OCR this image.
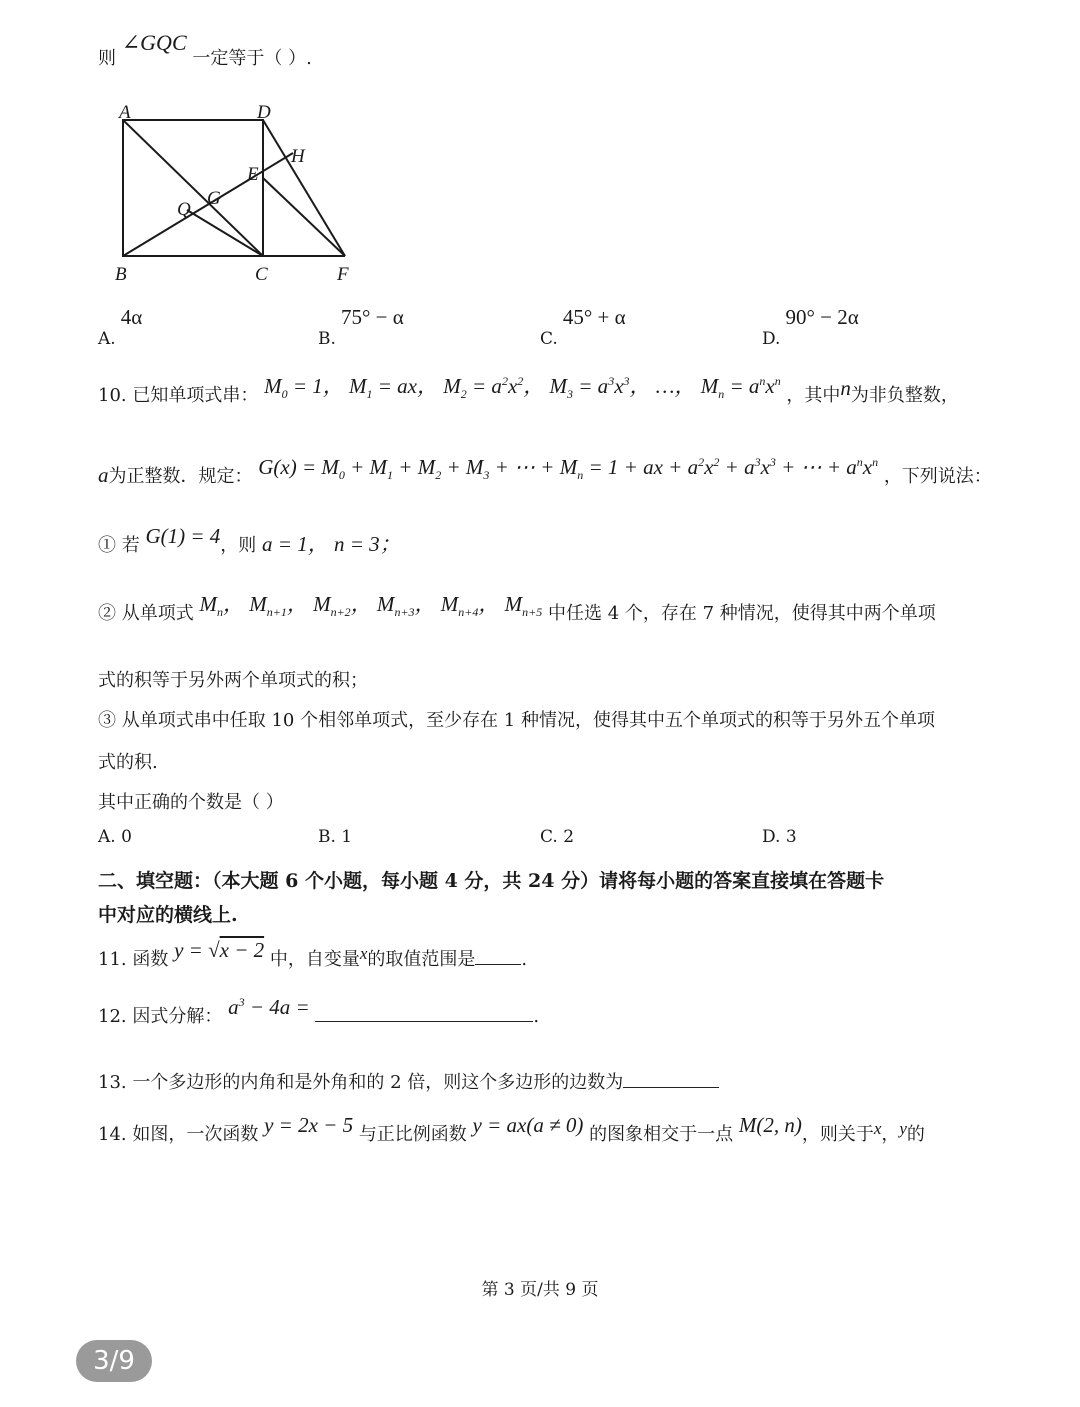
则 ∠GQC 一定等于（ ）.
A	D
H
E
G
Q
B	C	F
A. 4α
B. 75° − α
C. 45° + α
D. 90° − 2α
10. 已知单项式串： $M_0 = 1$， $M_1$ = ax， $M_2 = a^2x^2$， $M_3 = a^3x^3$， …， $M_n = a^nx^n$ ，其中n为非负整数，
a为正整数．规定： $G(x) = M_0 + M_1 + M_2 + M_3$ + ⋯ + $M_n = 1$ + ax + $a^2x^2 + a^3x^3$ + ⋯ + $a^nx^n$ ，下列说法：
① 若 G(1) = 4，则 a = 1， n = 3；
② 从单项式 $M_n$， $M_{n+1}$， $M_{n+2}$， $M_{n+3}$， $M_{n+4}$， $M_{n+5}$ 中任选 4 个，存在 7 种情况，使得其中两个单项
式的积等于另外两个单项式的积；
③ 从单项式串中任取 10 个相邻单项式，至少存在 1 种情况，使得其中五个单项式的积等于另外五个单项
式的积.
其中正确的个数是（ ）
A. 0	B. 1	C. 2	D. 3
二、填空题：（本大题 6 个小题，每小题 4 分，共 24 分）请将每小题的答案直接填在答题卡
中对应的横线上.
11. 函数 y = √x − 2 中，自变量x的取值范围是	.
12. 因式分解： $a^3 - 4a$ =	.
13. 一个多边形的内角和是外角和的 2 倍，则这个多边形的边数为
14. 如图，一次函数 y = 2x − 5 与正比例函数 y = ax(a ≠ 0) 的图象相交于一点 M(2, n)，则关于x，y的
第 3 页/共 9 页
3/9
